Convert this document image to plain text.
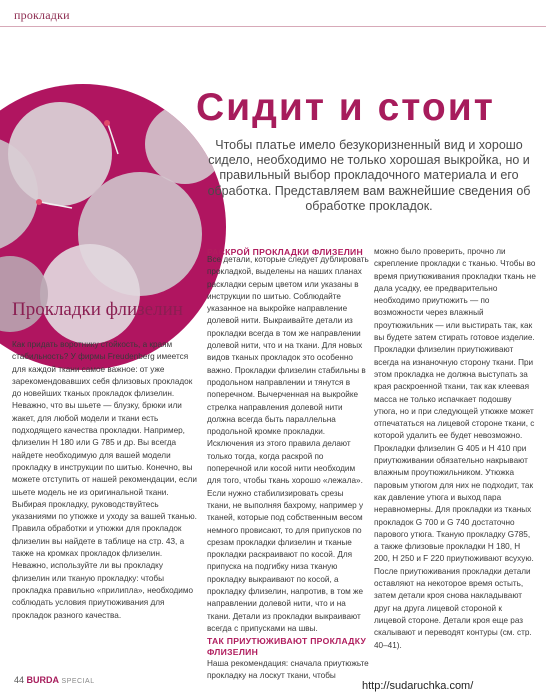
прокладки
Сидит и стоит
Чтобы платье имело безукоризненный вид и хорошо сидело, необходимо не только хорошая выкройка, но и правильный выбор прокладочного материала и его обработка. Представляем вам важнейшие сведения об обработке прокладок.
Прокладки флизелин

Как придать воротнику стойкость, а краям стабильность? У фирмы Freudenberg имеется для каждой ткани самое важное: от уже зарекомендовавших себя флизовых прокладок до новейших тканых прокладок флизелин. Неважно, что вы шьете — блузку, брюки или жакет, для любой модели и ткани есть подходящего качества прокладки. Например, флизелин H 180 или G 785 и др. Вы всегда найдете необходимую для вашей модели прокладку в инструкции по шитью. Конечно, вы можете отступить от нашей рекомендации, если шьете модель не из оригинальной ткани. Выбирая прокладку, руководствуйтесь указаниями по утюжке и уходу за вашей тканью. Правила обработки и утюжки для прокладок флизелин вы найдете в таблице на стр. 43, а также на кромках прокладок флизелин. Неважно, используйте ли вы прокладку флизелин или тканую прокладку: чтобы прокладка правильно «прилипла», необходимо соблюдать условия приутюживания для прокладок разного качества.

РАСКРОЙ ПРОКЛАДКИ ФЛИЗЕЛИН

Все детали, которые следует дублировать прокладкой, выделены на наших планах раскладки серым цветом или указаны в инструкции по шитью. Соблюдайте указанное на выкройке направление долевой нити. Выкраивайте детали из прокладки всегда в том же направлении долевой нити, что и на ткани. Для новых видов тканых прокладок это особенно важно. Прокладки флизелин стабильны в продольном направлении и тянутся в поперечном. Вычерченная на выкройке стрелка направления долевой нити должна всегда быть параллельна продольной кромке прокладки. Исключения из этого правила делают только тогда, когда раскрой по поперечной или косой нити необходим для того, чтобы ткань хорошо «лежала». Если нужно стабилизировать срезы ткани, не выполняя бахрому, например у тканей, которые под собственным весом немного провисают, то для припусков по срезам прокладки флизелин и тканые прокладки раскраивают по косой. Для припуска на подгибку низа тканую прокладку выкраивают по косой, а прокладку флизелин, напротив, в том же направлении долевой нити, что и на ткани. Детали из прокладки выкраивают всегда с припусками на швы.

ТАК ПРИУТЮЖИВАЮТ ПРОКЛАДКУ ФЛИЗЕЛИН

Наша рекомендация: сначала приутюжьте прокладку на лоскут ткани, чтобы

можно было проверить, прочно ли скрепление прокладки с тканью. Чтобы во время приутюживания прокладки ткань не дала усадку, ее предварительно необходимо приутюжить — по возможности через влажный проутюжильник — или выстирать так, как вы будете затем стирать готовое изделие. Прокладки флизелин приутюживают всегда на изнаночную сторону ткани. При этом прокладка не должна выступать за края раскроенной ткани, так как клеевая масса не только испачкает подошву утюга, но и при следующей утюжке может отпечататься на лицевой стороне ткани, с которой удалить ее будет невозможно. Прокладки флизелин G 405 и H 410 при приутюживании обязательно накрывают влажным проутюжильником. Утюжка паровым утюгом для них не подходит, так как давление утюга и выход пара неравномерны. Для прокладки из тканых прокладок G 700 и G 740 достаточно парового утюга. Тканую прокладку G785, а также флизовые прокладки H 180, H 200, H 250 и F 220 приутюживают всухую. После приутюживания прокладки детали оставляют на некоторое время остыть, затем детали кроя снова накладывают друг на друга лицевой стороной к лицевой стороне. Детали кроя еще раз скалывают и переводят контуры (см. стр. 40–41).

44 BURDA SPECIAL	http://sudaruchka.com/
